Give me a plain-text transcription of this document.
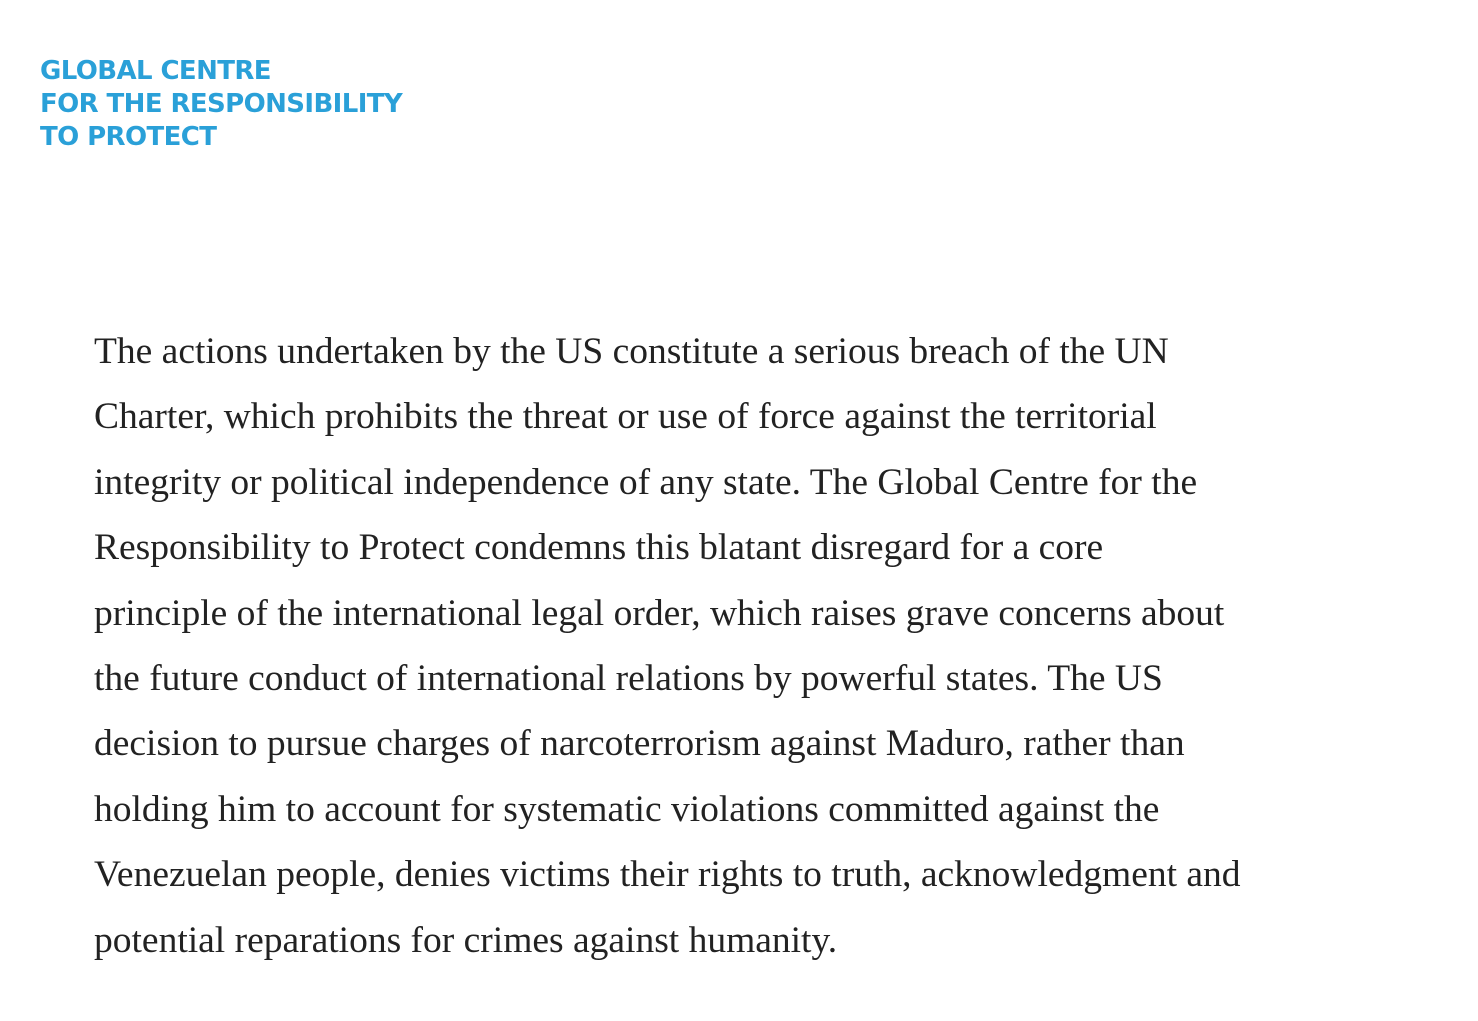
GLOBAL CENTRE
FOR THE RESPONSIBILITY
TO PROTECT

The actions undertaken by the US constitute a serious breach of the UN
Charter, which prohibits the threat or use of force against the territorial
integrity or political independence of any state. The Global Centre for the
Responsibility to Protect condemns this blatant disregard for a core
principle of the international legal order, which raises grave concerns about
the future conduct of international relations by powerful states. The US
decision to pursue charges of narcoterrorism against Maduro, rather than
holding him to account for systematic violations committed against the
Venezuelan people, denies victims their rights to truth, acknowledgment and
potential reparations for crimes against humanity.
